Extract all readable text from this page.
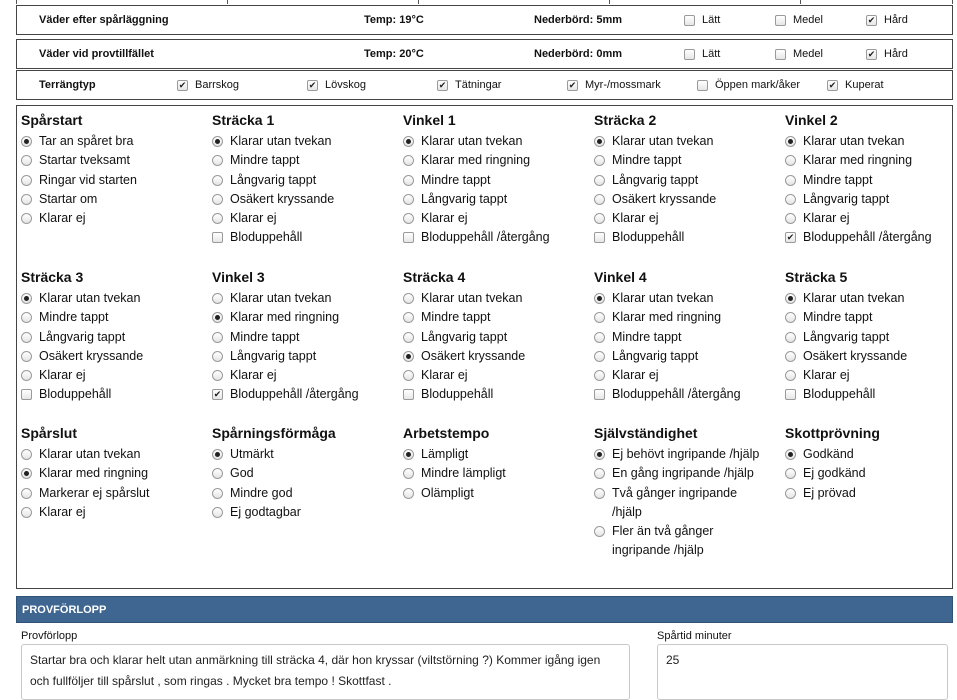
Väder efter spårläggning	Temp: 19°C	Nederbörd: 5mm	Lätt	Medel	✔ Hård
Väder vid provtillfället	Temp: 20°C	Nederbörd: 0mm	Lätt	Medel	✔ Hård
Terrängtyp	✔ Barrskog	✔ Lövskog	✔ Tätningar	✔ Myr-/mossmark	Öppen mark/åker	✔ Kuperat
Spårstart
Tar an spåret bra
Startar tveksamt
Ringar vid starten
Startar om
Klarar ej
Sträcka 1
Klarar utan tvekan
Mindre tappt
Långvarig tappt
Osäkert kryssande
Klarar ej
Bloduppehåll
Vinkel 1
Klarar utan tvekan
Klarar med ringning
Mindre tappt
Långvarig tappt
Klarar ej
Bloduppehåll /återgång
Sträcka 2
Klarar utan tvekan
Mindre tappt
Långvarig tappt
Osäkert kryssande
Klarar ej
Bloduppehåll
Vinkel 2
Klarar utan tvekan
Klarar med ringning
Mindre tappt
Långvarig tappt
Klarar ej
✔ Bloduppehåll /återgång
Sträcka 3
Klarar utan tvekan
Mindre tappt
Långvarig tappt
Osäkert kryssande
Klarar ej
Bloduppehåll
Vinkel 3
Klarar utan tvekan
Klarar med ringning
Mindre tappt
Långvarig tappt
Klarar ej
✔ Bloduppehåll /återgång
Sträcka 4
Klarar utan tvekan
Mindre tappt
Långvarig tappt
Osäkert kryssande
Klarar ej
Bloduppehåll
Vinkel 4
Klarar utan tvekan
Klarar med ringning
Mindre tappt
Långvarig tappt
Klarar ej
Bloduppehåll /återgång
Sträcka 5
Klarar utan tvekan
Mindre tappt
Långvarig tappt
Osäkert kryssande
Klarar ej
Bloduppehåll
Spårslut
Klarar utan tvekan
Klarar med ringning
Markerar ej spårslut
Klarar ej
Spårningsförmåga
Utmärkt
God
Mindre god
Ej godtagbar
Arbetstempo
Lämpligt
Mindre lämpligt
Olämpligt
Självständighet
Ej behövt ingripande /hjälp
En gång ingripande /hjälp
Två gånger ingripande /hjälp
Fler än två gånger ingripande /hjälp
Skottprövning
Godkänd
Ej godkänd
Ej prövad
PROVFÖRLOPP
Provförlopp
Startar bra och klarar helt utan anmärkning till sträcka 4, där hon kryssar (viltstörning ?) Kommer igång igen och fullföljer till spårslut , som ringas . Mycket bra tempo ! Skottfast .
Spårtid minuter
25
